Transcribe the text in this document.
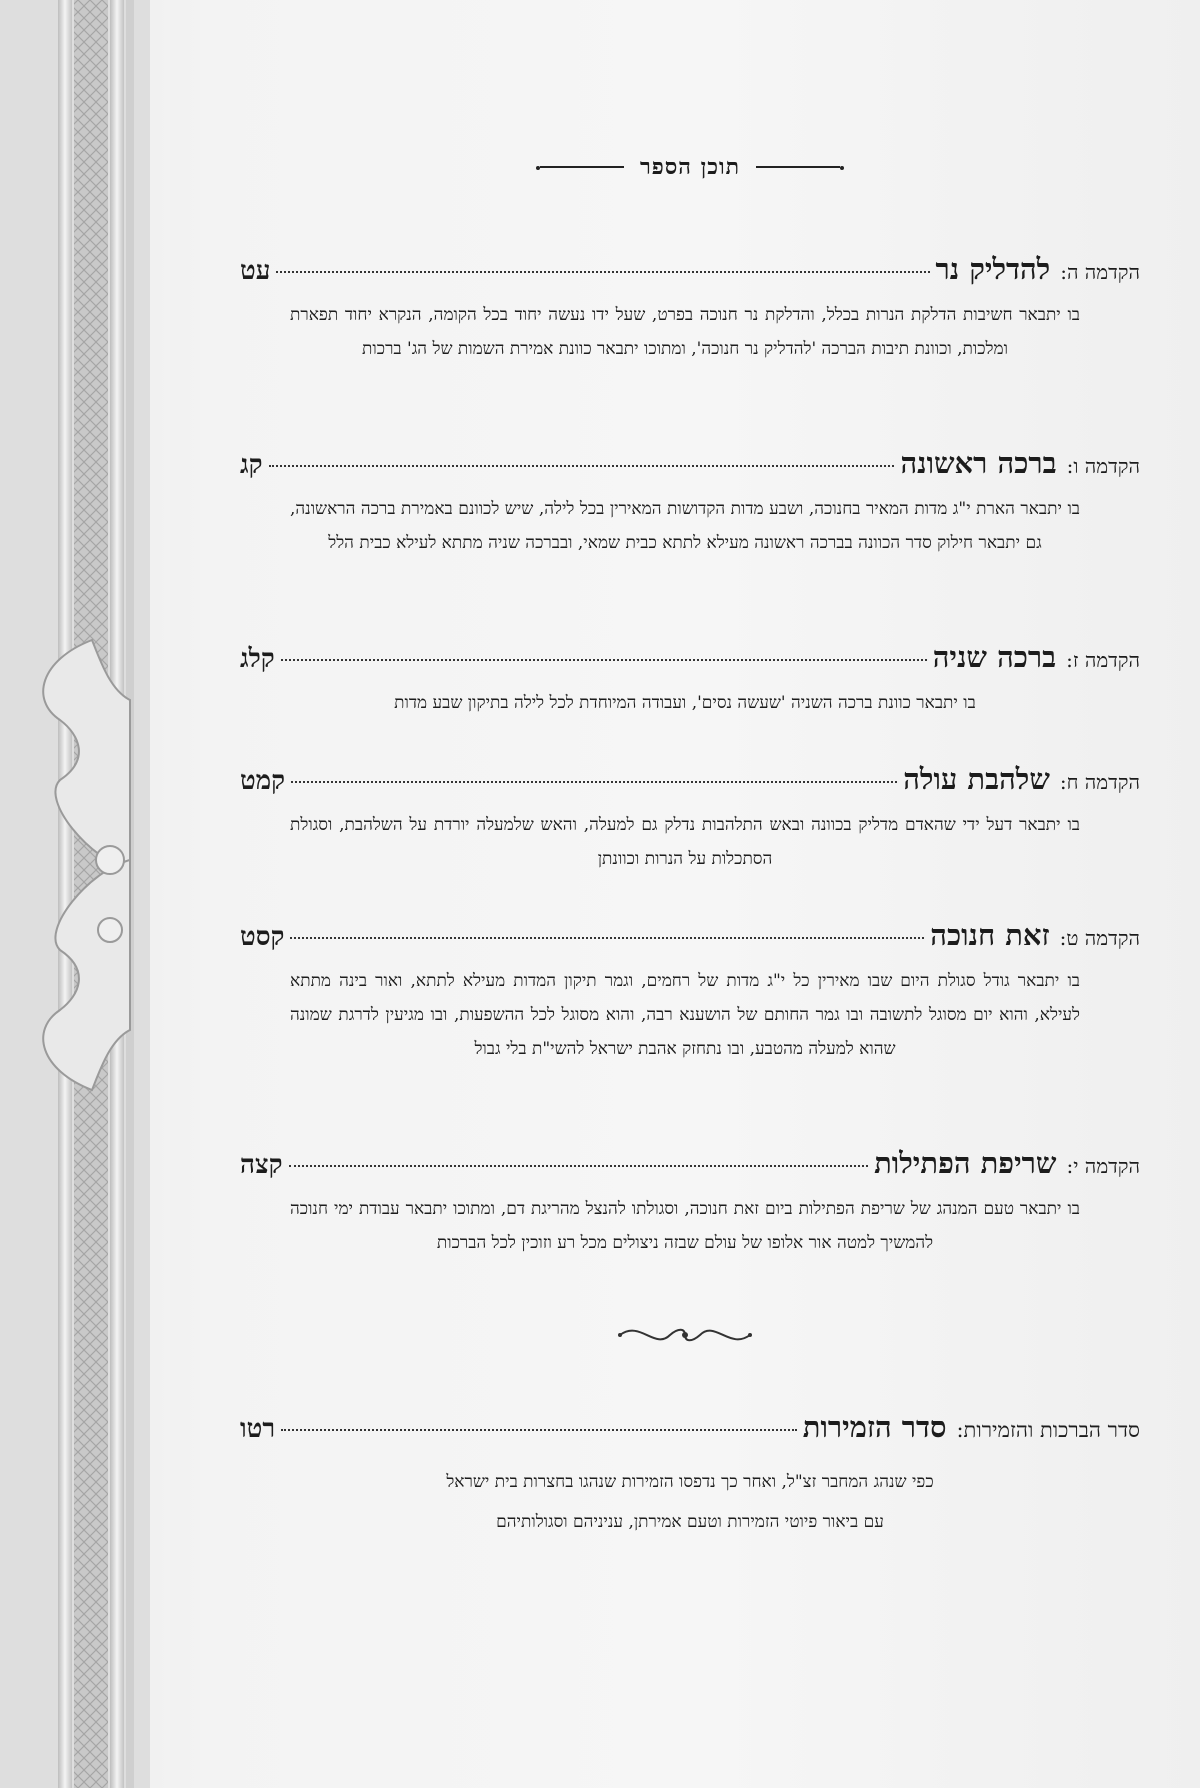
תוכן הספר
הקדמה ה:
להדליק נר
עט
בו יתבאר חשיבות הדלקת הנרות בכלל, והדלקת נר חנוכה בפרט, שעל ידו נעשה יחוד בכל הקומה, הנקרא יחוד תפארת ומלכות, וכוונת תיבות הברכה 'להדליק נר חנוכה', ומתוכו יתבאר כוונת אמירת השמות של הג' ברכות
הקדמה ו:
ברכה ראשונה
קג
בו יתבאר הארת י"ג מדות המאיר בחנוכה, ושבע מדות הקדושות המאירין בכל לילה, שיש לכוונם באמירת ברכה הראשונה, גם יתבאר חילוק סדר הכוונה בברכה ראשונה מעילא לתתא כבית שמאי, ובברכה שניה מתתא לעילא כבית הלל
הקדמה ז:
ברכה שניה
קלג
בו יתבאר כוונת ברכה השניה 'שעשה נסים', ועבודה המיוחדת לכל לילה בתיקון שבע מדות
הקדמה ח:
שלהבת עולה
קמט
בו יתבאר דעל ידי שהאדם מדליק בכוונה ובאש התלהבות נדלק גם למעלה, והאש שלמעלה יורדת על השלהבת, וסגולת הסתכלות על הנרות וכוונתן
הקדמה ט:
זאת חנוכה
קסט
בו יתבאר גודל סגולת היום שבו מאירין כל י"ג מדות של רחמים, וגמר תיקון המדות מעילא לתתא, ואור בינה מתתא לעילא, והוא יום מסוגל לתשובה ובו גמר החותם של הושענא רבה, והוא מסוגל לכל ההשפעות, ובו מגיעין לדרגת שמונה שהוא למעלה מהטבע, ובו נתחזק אהבת ישראל להשי"ת בלי גבול
הקדמה י:
שריפת הפתילות
קצה
בו יתבאר טעם המנהג של שריפת הפתילות ביום זאת חנוכה, וסגולתו להנצל מהריגת דם, ומתוכו יתבאר עבודת ימי חנוכה להמשיך למטה אור אלופו של עולם שבזה ניצולים מכל רע וזוכין לכל הברכות
סדר הברכות והזמירות:
סדר הזמירות
רטו
כפי שנהג המחבר זצ"ל, ואחר כך נדפסו הזמירות שנהגו בחצרות בית ישראל
עם ביאור פיוטי הזמירות וטעם אמירתן, עניניהם וסגולותיהם
